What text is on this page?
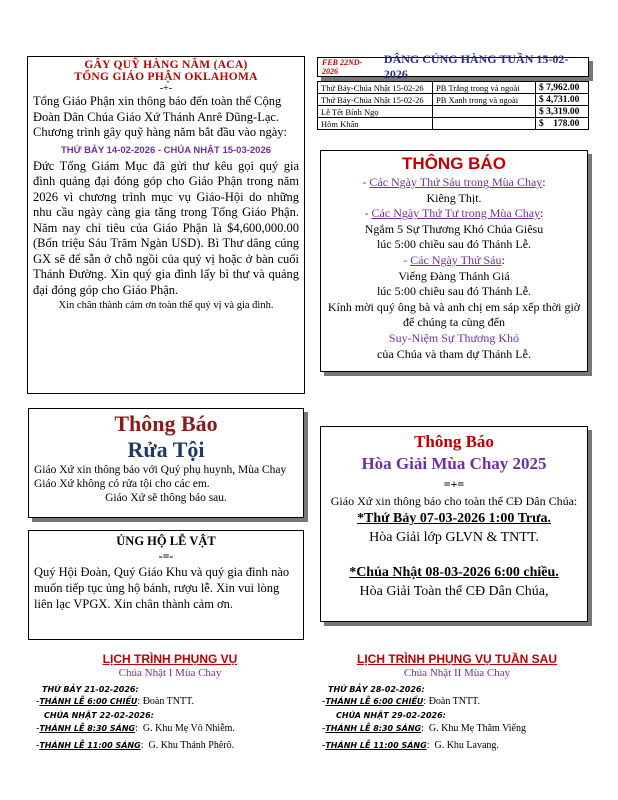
GÂY QUỸ HÀNG NĂM (ACA)

TỔNG GIÁO PHẬN OKLAHOMA

-+-

Tổng Giáo Phận xin thông báo đến toàn thể Cộng Đoàn Dân Chúa Giáo Xứ Thánh Anrê Dũng-Lạc. Chương trình gây quỹ hàng năm bắt đầu vào ngày:

THỨ BẢY 14-02-2026 - CHÚA NHẬT 15-03-2026

Đức Tổng Giám Mục đã gửi thư kêu gọi quý gia đình quảng đại đóng góp cho Giáo Phận trong năm 2026 vì chương trình mục vụ Giáo-Hội do những nhu cầu ngày càng gia tăng trong Tổng Giáo Phận. Năm nay chỉ tiêu của Giáo Phận là $4,600,000.00 (Bốn triệu Sáu Trăm Ngàn USD). Bì Thư dâng cúng GX sẽ để sẵn ở chỗ ngồi của quý vị hoặc ở bàn cuối Thánh Đường. Xin quý gia đình lấy bì thư và quảng đại đóng góp cho Giáo Phận.

Xin chân thành cảm ơn toàn thể quý vị và gia đình.

FEB 22ND- 2026
DÂNG CÚNG HÀNG TUẦN 15-02-2026
Thứ Bảy-Chúa Nhật 15-02-26	PB Trắng trong và ngoài	$ 7,962.00
Thứ Bảy-Chúa Nhật 15-02-26	PB Xanh trong và ngoài	$ 4,731.00
Lễ Tết Bính Ngọ		$ 3,319.00
Hôm Khấn		$    178.00

THÔNG BÁO

- Các Ngày Thứ Sáu trong Mùa Chay:

Kiêng Thịt.

- Các Ngày Thứ Tư trong Mùa Chay:

Ngắm 5 Sự Thương Khó Chúa Giêsu

lúc 5:00 chiều sau đó Thánh Lễ.

- Các Ngày Thứ Sáu:

Viếng Đàng Thánh Giá

lúc 5:00 chiều sau đó Thánh Lễ.

Kính mời quý ông bà và anh chị em sáp xếp thời giờ để chúng ta cùng đến

Suy-Niệm Sự Thương Khó

của Chúa và tham dự Thánh Lễ.

Thông Báo

Rửa Tội

Giáo Xứ xin thông báo với Quý phụ huynh, Mùa Chay Giáo Xứ không có rửa tội cho các em.

Giáo Xứ sẽ thông báo sau.

Thông Báo

Hòa Giải Mùa Chay 2025

=+=

Giáo Xứ xin thông báo cho toàn thể CĐ Dân Chúa:

*Thứ Bảy 07-03-2026 1:00 Trưa.

Hòa Giải lớp GLVN & TNTT.

*Chúa Nhật 08-03-2026 6:00 chiều.

Hòa Giải Toàn thể CĐ Dân Chúa,

ỦNG HỘ LỄ VẬT

-=-

Quý Hội Đoàn, Quý Giáo Khu và quý gia đình nào muốn tiếp tục ủng hộ bánh, rượu lễ. Xin vui lòng liên lạc VPGX. Xin chân thành cảm ơn.

LỊCH TRÌNH PHỤNG VỤ

Chúa Nhật I Mùa Chay

THỨ BẢY 21-02-2026:

- THÁNH LỄ 6:00 CHIỀU : Đoàn TNTT.

CHÚA NHẬT 22-02-2026:

- THÁNH LỄ 8:30 SÁNG : G. Khu Mẹ Vô Nhiễm.
- THÁNH LỄ 11:00 SÁNG : G. Khu Thánh Phêrô.

LỊCH TRÌNH PHỤNG VỤ TUẦN SAU

Chúa Nhật II Mùa Chay

THỨ BẢY 28-02-2026:

- THÁNH LỄ 6:00 CHIỀU : Đoàn TNTT.

CHÚA NHẬT 29-02-2026:

- THÁNH LỄ 8:30 SÁNG : G. Khu Mẹ Thăm Viếng
- THÁNH LỄ 11:00 SÁNG : G. Khu Lavang.
